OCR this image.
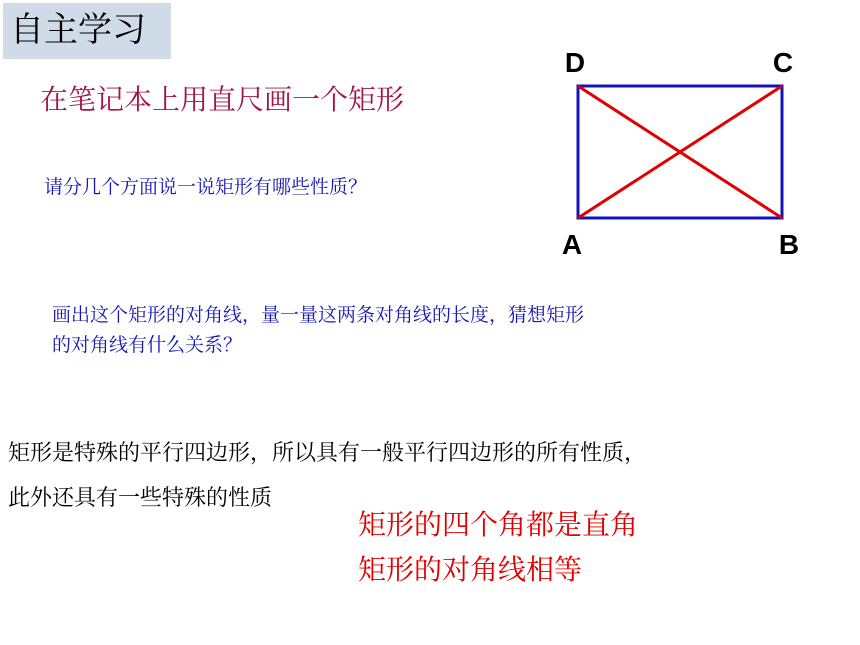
自主学习
在笔记本上用直尺画一个矩形
请分几个方面说一说矩形有哪些性质？
画出这个矩形的对角线，量一量这两条对角线的长度，猜想矩形
的对角线有什么关系？
矩形是特殊的平行四边形，所以具有一般平行四边形的所有性质，
此外还具有一些特殊的性质
矩形的四个角都是直角
矩形的对角线相等
D	C
A	B
